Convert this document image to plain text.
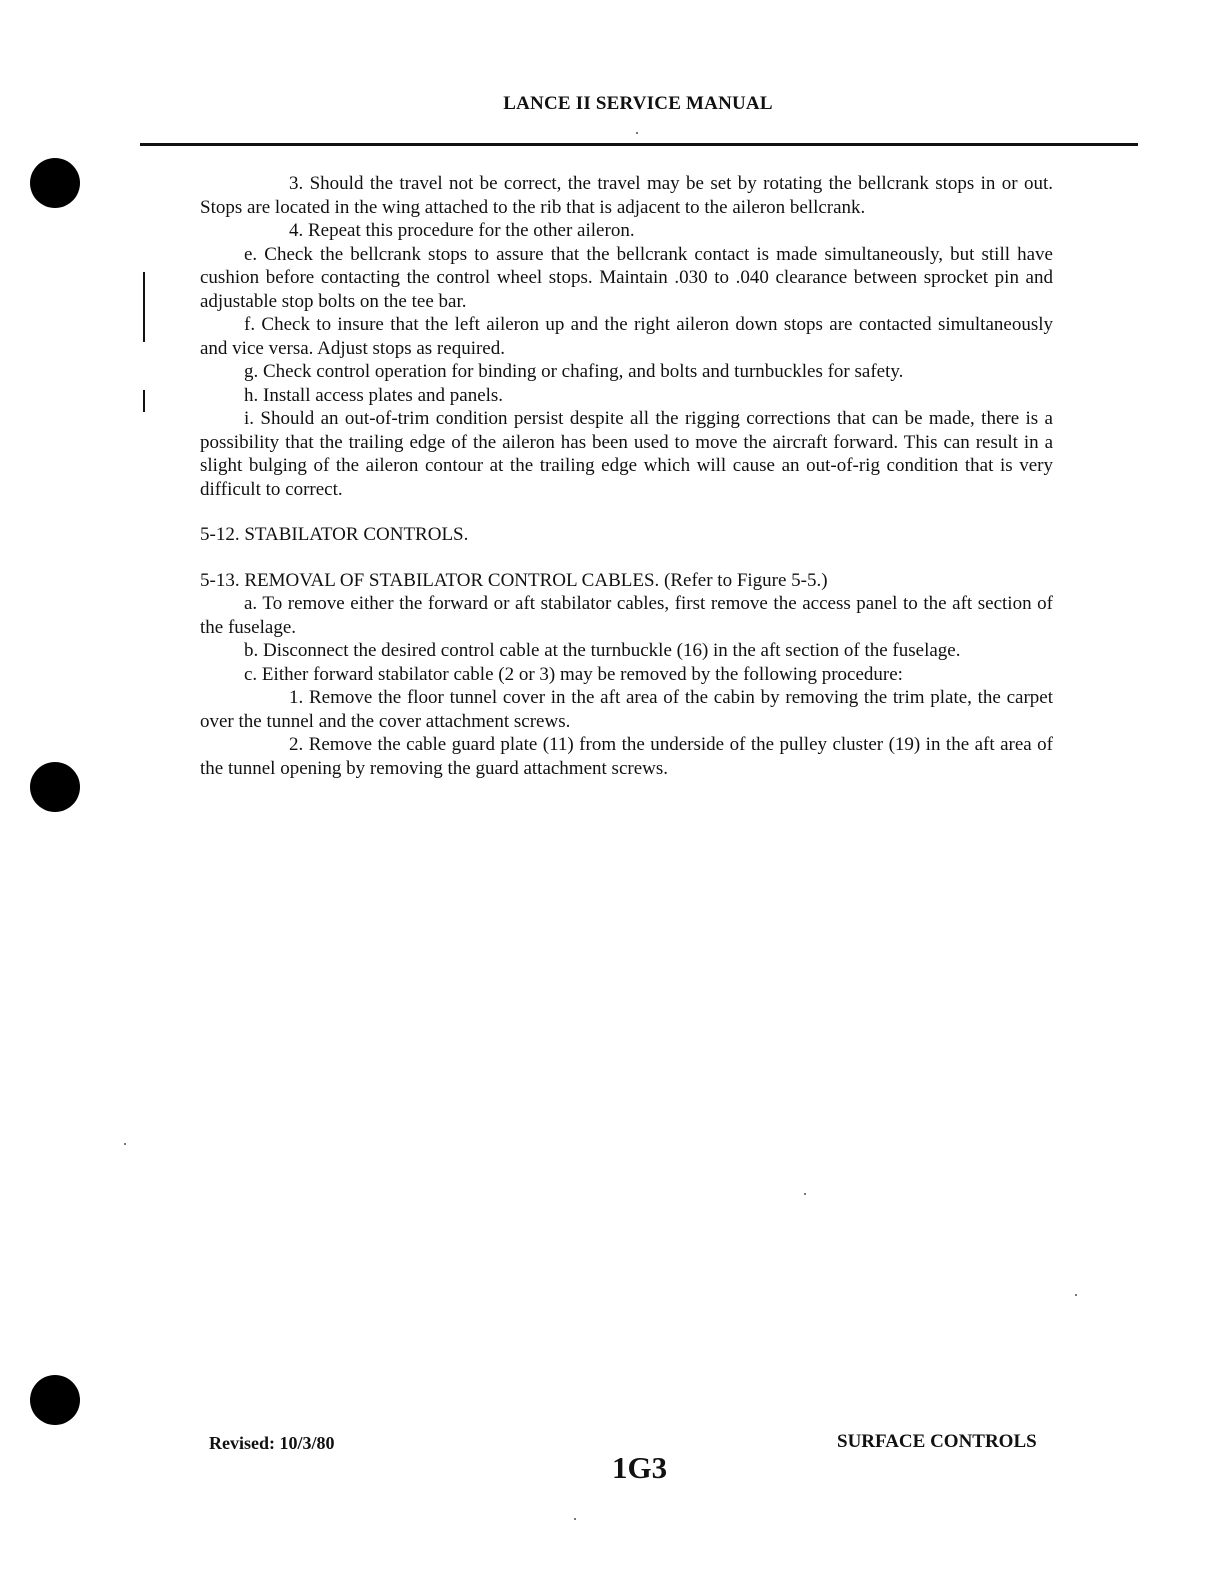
LANCE II SERVICE MANUAL

3. Should the travel not be correct, the travel may be set by rotating the bellcrank stops in or out. Stops are located in the wing attached to the rib that is adjacent to the aileron bellcrank.

4. Repeat this procedure for the other aileron.

e. Check the bellcrank stops to assure that the bellcrank contact is made simultaneously, but still have cushion before contacting the control wheel stops. Maintain .030 to .040 clearance between sprocket pin and adjustable stop bolts on the tee bar.

f. Check to insure that the left aileron up and the right aileron down stops are contacted simultaneously and vice versa. Adjust stops as required.

g. Check control operation for binding or chafing, and bolts and turnbuckles for safety.

h. Install access plates and panels.

i. Should an out-of-trim condition persist despite all the rigging corrections that can be made, there is a possibility that the trailing edge of the aileron has been used to move the aircraft forward. This can result in a slight bulging of the aileron contour at the trailing edge which will cause an out-of-rig condition that is very difficult to correct.

5-12. STABILATOR CONTROLS.

5-13. REMOVAL OF STABILATOR CONTROL CABLES. (Refer to Figure 5-5.)

a. To remove either the forward or aft stabilator cables, first remove the access panel to the aft section of the fuselage.

b. Disconnect the desired control cable at the turnbuckle (16) in the aft section of the fuselage.

c. Either forward stabilator cable (2 or 3) may be removed by the following procedure:

1. Remove the floor tunnel cover in the aft area of the cabin by removing the trim plate, the carpet over the tunnel and the cover attachment screws.

2. Remove the cable guard plate (11) from the underside of the pulley cluster (19) in the aft area of the tunnel opening by removing the guard attachment screws.

Revised: 10/3/80
1G3
SURFACE CONTROLS
